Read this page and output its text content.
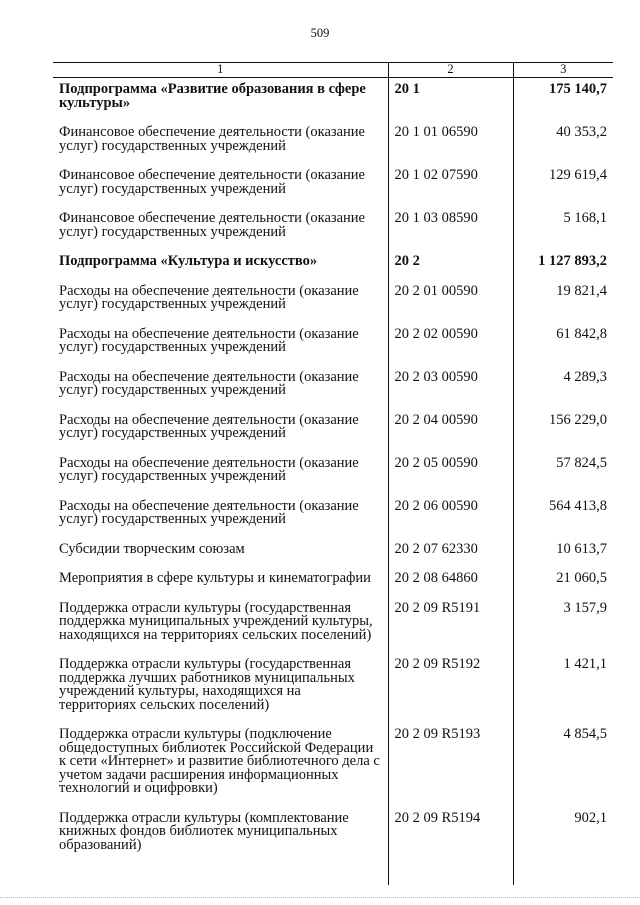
509
1	2	3
Подпрограмма «Развитие образования в сфере культуры»	20 1	175 140,7
Финансовое обеспечение деятельности (оказание услуг) государственных учреждений	20 1 01 06590	40 353,2
Финансовое обеспечение деятельности (оказание услуг) государственных учреждений	20 1 02 07590	129 619,4
Финансовое обеспечение деятельности (оказание услуг) государственных учреждений	20 1 03 08590	5 168,1
Подпрограмма «Культура и искусство»	20 2	1 127 893,2
Расходы на обеспечение деятельности (оказание услуг) государственных учреждений	20 2 01 00590	19 821,4
Расходы на обеспечение деятельности (оказание услуг) государственных учреждений	20 2 02 00590	61 842,8
Расходы на обеспечение деятельности (оказание услуг) государственных учреждений	20 2 03 00590	4 289,3
Расходы на обеспечение деятельности (оказание услуг) государственных учреждений	20 2 04 00590	156 229,0
Расходы на обеспечение деятельности (оказание услуг) государственных учреждений	20 2 05 00590	57 824,5
Расходы на обеспечение деятельности (оказание услуг) государственных учреждений	20 2 06 00590	564 413,8
Субсидии творческим союзам	20 2 07 62330	10 613,7
Мероприятия в сфере культуры и кинематографии	20 2 08 64860	21 060,5
Поддержка отрасли культуры (государственная поддержка муниципальных учреждений культуры, находящихся на территориях сельских поселений)	20 2 09 R5191	3 157,9
Поддержка отрасли культуры (государственная поддержка лучших работников муниципальных учреждений культуры, находящихся на территориях сельских поселений)	20 2 09 R5192	1 421,1
Поддержка отрасли культуры (подключение общедоступных библиотек Российской Федерации к сети «Интернет» и развитие библиотечного дела с учетом задачи расширения информационных технологий и оцифровки)	20 2 09 R5193	4 854,5
Поддержка отрасли культуры (комплектование книжных фондов библиотек муниципальных образований)	20 2 09 R5194	902,1
